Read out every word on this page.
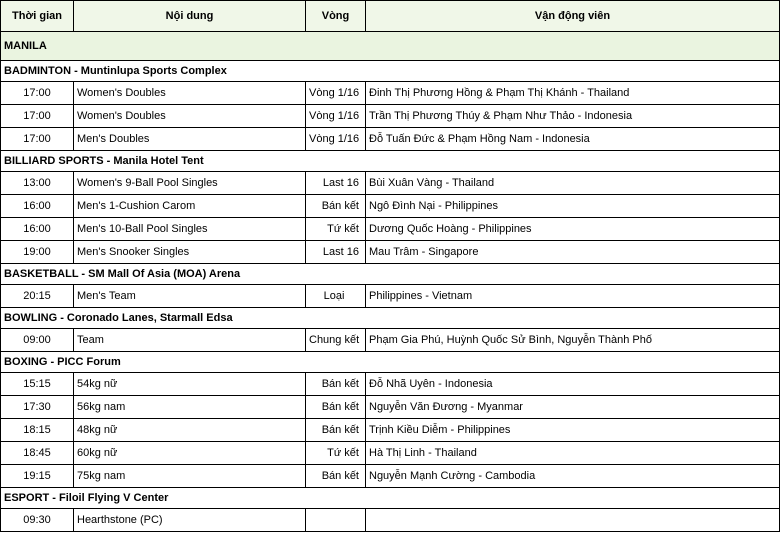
Thời gian	Nội dung	Vòng	Vận động viên
MANILA			
BADMINTON - Muntinlupa Sports Complex			
17:00	Women's Doubles	Vòng 1/16	Đinh Thị Phương Hồng & Phạm Thị Khánh - Thailand
17:00	Women's Doubles	Vòng 1/16	Trần Thị Phương Thúy & Phạm Như Thảo - Indonesia
17:00	Men's Doubles	Vòng 1/16	Đỗ Tuấn Đức & Phạm Hồng Nam - Indonesia
BILLIARD SPORTS - Manila Hotel Tent			
13:00	Women's 9-Ball Pool Singles	Last 16	Bùi Xuân Vàng - Thailand
16:00	Men's 1-Cushion Carom	Bán kết	Ngô Đình Nại - Philippines
16:00	Men's 10-Ball Pool Singles	Tứ kết	Dương Quốc Hoàng - Philippines
19:00	Men's Snooker Singles	Last 16	Mau Trâm - Singapore
BASKETBALL - SM Mall Of Asia (MOA) Arena			
20:15	Men's Team	Loại	Philippines - Vietnam
BOWLING - Coronado Lanes, Starmall Edsa			
09:00	Team	Chung kết	Phạm Gia Phú, Huỳnh Quốc Sử Bình, Nguyễn Thành Phố
BOXING - PICC Forum			
15:15	54kg nữ	Bán kết	Đỗ Nhã Uyên - Indonesia
17:30	56kg nam	Bán kết	Nguyễn Văn Đương - Myanmar
18:15	48kg nữ	Bán kết	Trịnh Kiều Diễm - Philippines
18:45	60kg nữ	Tứ kết	Hà Thị Linh - Thailand
19:15	75kg nam	Bán kết	Nguyễn Mạnh Cường - Cambodia
ESPORT - Filoil Flying V Center			
09:30	Hearthstone (PC)		
